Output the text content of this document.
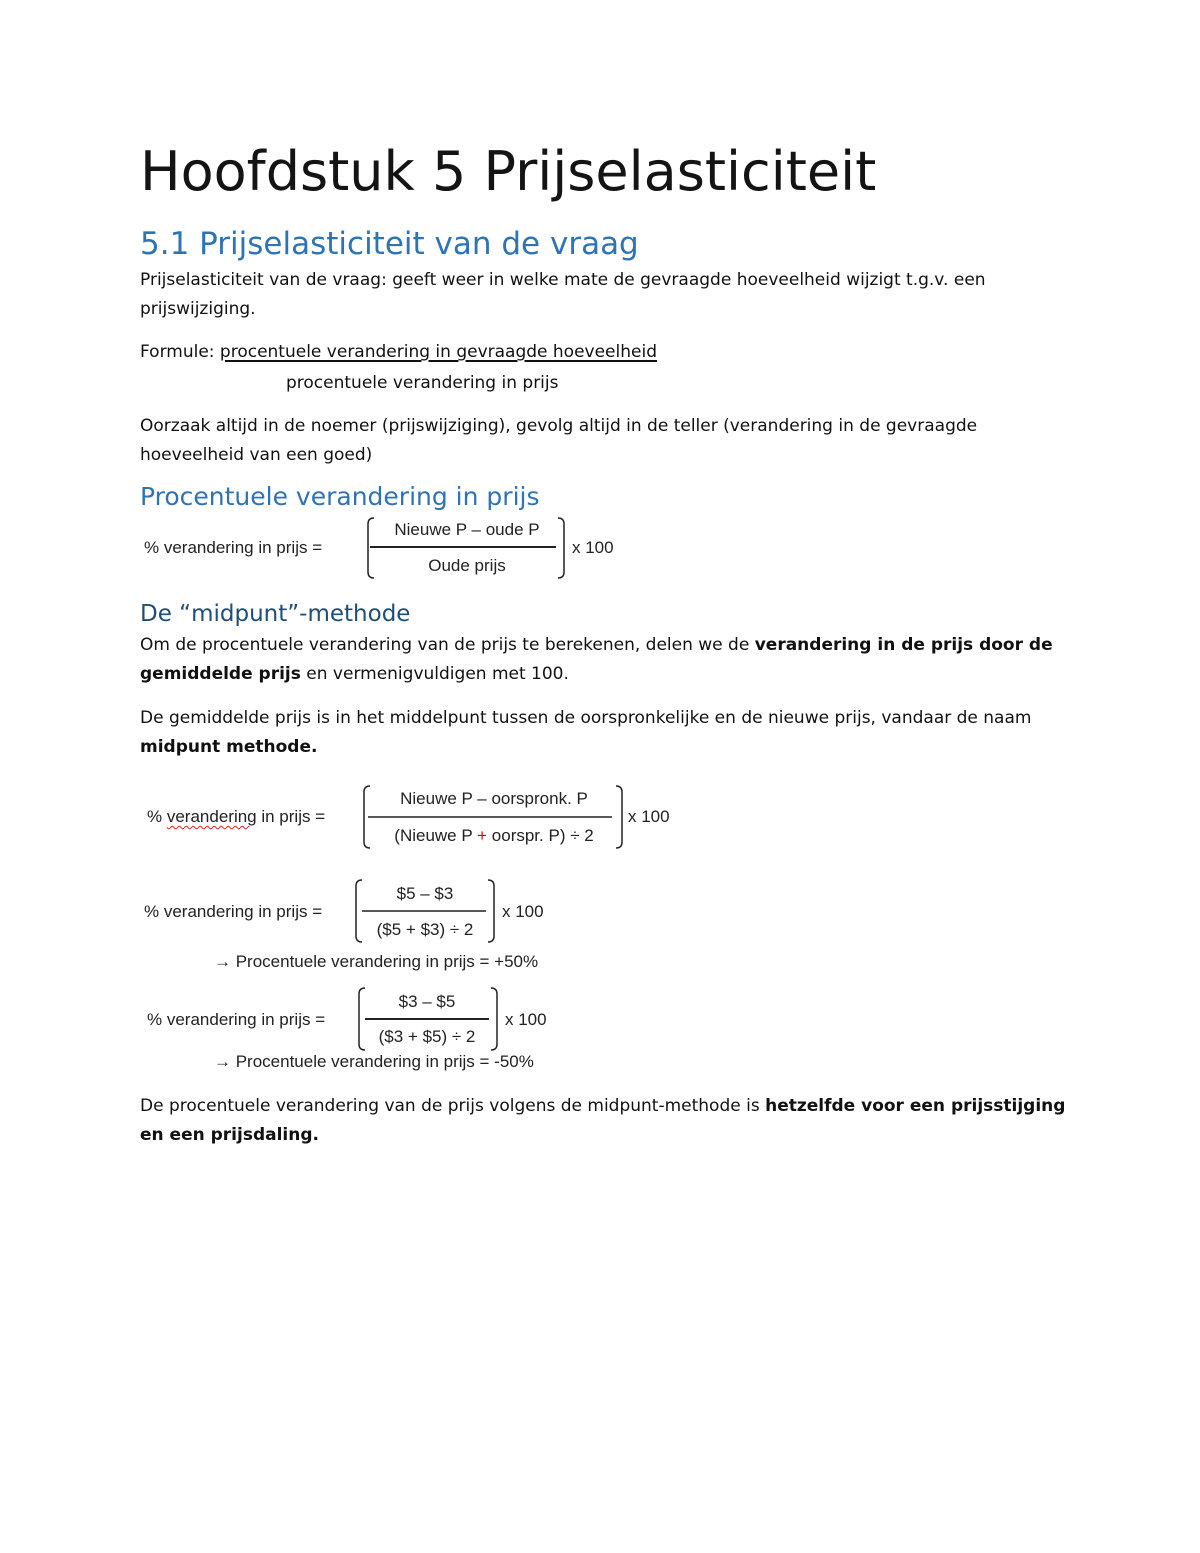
Hoofdstuk 5 Prijselasticiteit
5.1 Prijselasticiteit van de vraag

Prijselasticiteit van de vraag: geeft weer in welke mate de gevraagde hoeveelheid wijzigt t.g.v. een prijswijziging.

Formule: procentuele verandering in gevraagde hoeveelheid

procentuele verandering in prijs

Oorzaak altijd in de noemer (prijswijziging), gevolg altijd in de teller (verandering in de gevraagde hoeveelheid van een goed)

Procentuele verandering in prijs
% verandering in prijs =
Nieuwe P – oude P
Oude prijs
x 100
De “midpunt”-methode

Om de procentuele verandering van de prijs te berekenen, delen we de verandering in de prijs door de gemiddelde prijs en vermenigvuldigen met 100.

De gemiddelde prijs is in het middelpunt tussen de oorspronkelijke en de nieuwe prijs, vandaar de naam midpunt methode.

% verandering in prijs =
Nieuwe P – oorspronk. P
(Nieuwe P + oorspr. P) ÷ 2
x 100
% verandering in prijs =
$5 – $3
($5 + $3) ÷ 2
x 100
→ Procentuele verandering in prijs = +50%
% verandering in prijs =
$3 – $5
($3 + $5) ÷ 2
x 100
→ Procentuele verandering in prijs = -50%

De procentuele verandering van de prijs volgens de midpunt-methode is hetzelfde voor een prijsstijging en een prijsdaling.
